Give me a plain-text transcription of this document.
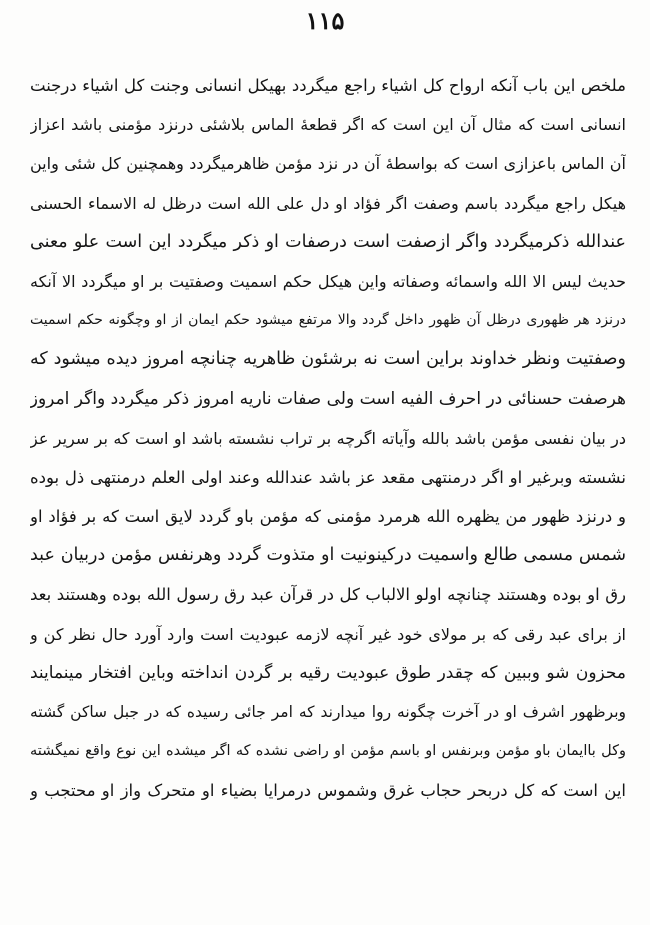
۱۱۵
ملخص این باب آنکه ارواح کل اشیاء راجع میگردد بهیکل انسانی وجنت کل اشیاء درجنت
انسانی است که مثال آن این است که اگر قطعهٔ الماس بلاشئی درنزد مؤمنی باشد اعزاز
آن الماس باعزازی است که بواسطهٔ آن در نزد مؤمن ظاهرمیگردد وهمچنین کل شئی واین
هیکل راجع میگردد باسم وصفت اگر فؤاد او دل علی الله است درظل له الاسماء الحسنی
عندالله ذکرمیگردد واگر ازصفت است درصفات او ذکر میگردد این است علو معنی
حدیث لیس الا الله واسمائه وصفاته واین هیکل حکم اسمیت وصفتیت بر او میگردد الا آنکه
درنزد هر ظهوری درظل آن ظهور داخل گردد والا مرتفع میشود حکم ایمان از او وچگونه حکم اسمیت
وصفتیت ونظر خداوند براین است نه برشئون ظاهریه چنانچه امروز دیده میشود که
هرصفت حسنائی در احرف الفیه است ولی صفات ناریه امروز ذکر میگردد واگر امروز
در بیان نفسی مؤمن باشد بالله وآیاته اگرچه بر تراب نشسته باشد او است که بر سریر عز
نشسته وبرغیر او اگر درمنتهی مقعد عز باشد عندالله وعند اولی العلم درمنتهی ذل بوده
و درنزد ظهور من یظهره الله هرمرد مؤمنی که مؤمن باو گردد لایق است که بر فؤاد او
شمس مسمی طالع واسمیت درکینونیت او متذوت گردد وهرنفس مؤمن دربیان عبد
رق او بوده وهستند چنانچه اولو الالباب کل در قرآن عبد رق رسول الله بوده وهستند بعد
از برای عبد رقی که بر مولای خود غیر آنچه لازمه عبودیت است وارد آورد حال نظر کن و
محزون شو وببین که چقدر طوق عبودیت رقیه بر گردن انداخته وباین افتخار مینمایند
وبرظهور اشرف او در آخرت چگونه روا میدارند که امر جائی رسیده که در جبل ساکن گشته
وکل باایمان باو مؤمن وبرنفس او باسم مؤمن او راضی نشده که اگر میشده این نوع واقع نمیگشته
این است که کل دربحر حجاب غرق وشموس درمرایا بضیاء او متحرک واز او محتجب و
